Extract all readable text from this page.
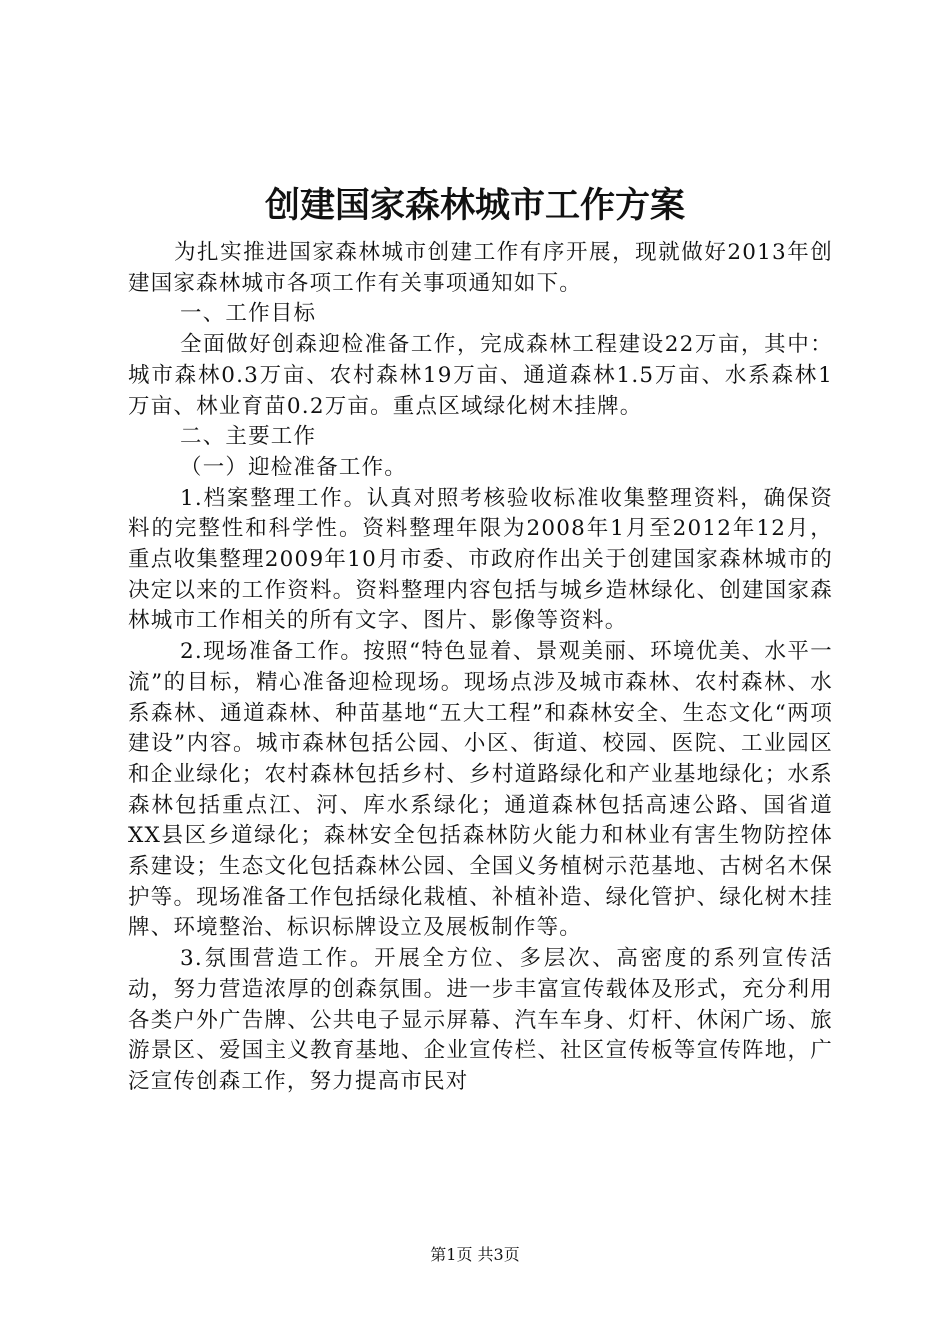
创建国家森林城市工作方案

为扎实推进国家森林城市创建工作有序开展，现就做好2013年创建国家森林城市各项工作有关事项通知如下。

一、工作目标

全面做好创森迎检准备工作，完成森林工程建设22万亩，其中：城市森林0.3万亩、农村森林19万亩、通道森林1.5万亩、水系森林1万亩、林业育苗0.2万亩。重点区域绿化树木挂牌。

二、主要工作

（一）迎检准备工作。

1.档案整理工作。认真对照考核验收标准收集整理资料，确保资料的完整性和科学性。资料整理年限为2008年1月至2012年12月，重点收集整理2009年10月市委、市政府作出关于创建国家森林城市的决定以来的工作资料。资料整理内容包括与城乡造林绿化、创建国家森林城市工作相关的所有文字、图片、影像等资料。

2.现场准备工作。按照“特色显着、景观美丽、环境优美、水平一流”的目标，精心准备迎检现场。现场点涉及城市森林、农村森林、水系森林、通道森林、种苗基地“五大工程”和森林安全、生态文化“两项建设”内容。城市森林包括公园、小区、街道、校园、医院、工业园区和企业绿化；农村森林包括乡村、乡村道路绿化和产业基地绿化；水系森林包括重点江、河、库水系绿化；通道森林包括高速公路、国省道XX县区乡道绿化；森林安全包括森林防火能力和林业有害生物防控体系建设；生态文化包括森林公园、全国义务植树示范基地、古树名木保护等。现场准备工作包括绿化栽植、补植补造、绿化管护、绿化树木挂牌、环境整治、标识标牌设立及展板制作等。

3.氛围营造工作。开展全方位、多层次、高密度的系列宣传活动，努力营造浓厚的创森氛围。进一步丰富宣传载体及形式，充分利用各类户外广告牌、公共电子显示屏幕、汽车车身、灯杆、休闲广场、旅游景区、爱国主义教育基地、企业宣传栏、社区宣传板等宣传阵地，广泛宣传创森工作，努力提高市民对

第1页 共3页
